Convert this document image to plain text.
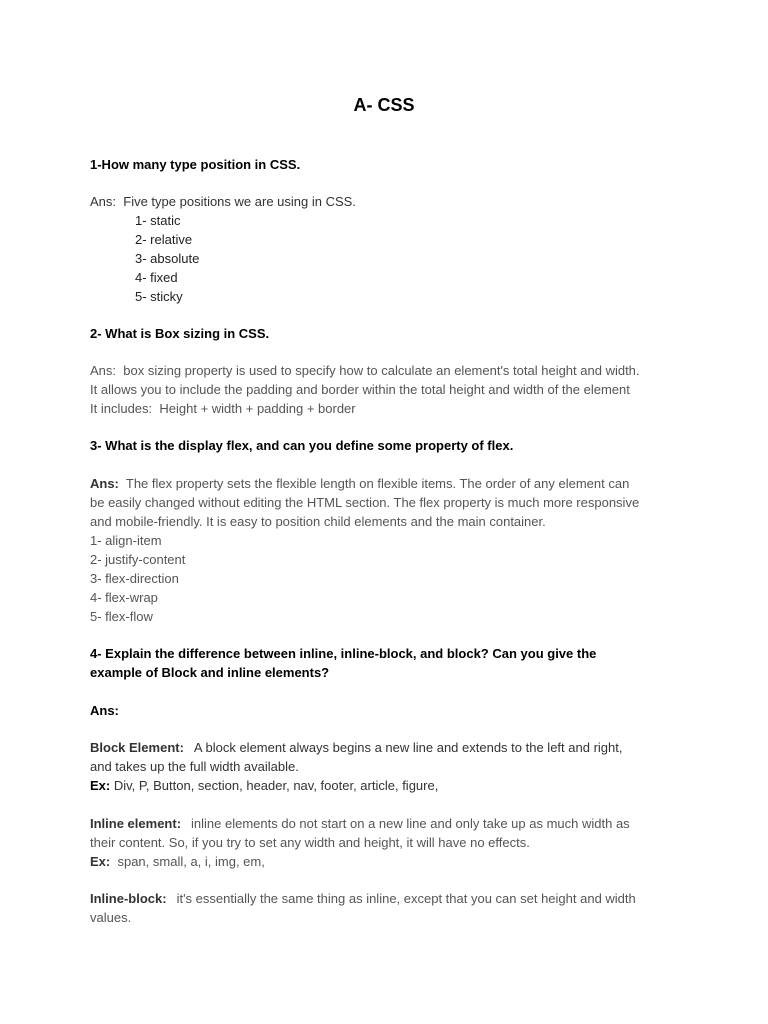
A- CSS
1-How many type position in CSS.
Ans: Five type positions we are using in CSS.
1- static
2- relative
3- absolute
4- fixed
5- sticky
2- What is Box sizing in CSS.
Ans: box sizing property is used to specify how to calculate an element's total height and width.
It allows you to include the padding and border within the total height and width of the element
It includes: Height + width + padding + border
3- What is the display flex, and can you define some property of flex.
Ans: The flex property sets the flexible length on flexible items. The order of any element can
be easily changed without editing the HTML section. The flex property is much more responsive
and mobile-friendly. It is easy to position child elements and the main container.
1- align-item
2- justify-content
3- flex-direction
4- flex-wrap
5- flex-flow
4- Explain the difference between inline, inline-block, and block? Can you give the
example of Block and inline elements?
Ans:
Block Element: A block element always begins a new line and extends to the left and right,
and takes up the full width available.
Ex: Div, P, Button, section, header, nav, footer, article, figure,
Inline element: inline elements do not start on a new line and only take up as much width as
their content. So, if you try to set any width and height, it will have no effects.
Ex: span, small, a, i, img, em,
Inline-block: it's essentially the same thing as inline, except that you can set height and width
values.
